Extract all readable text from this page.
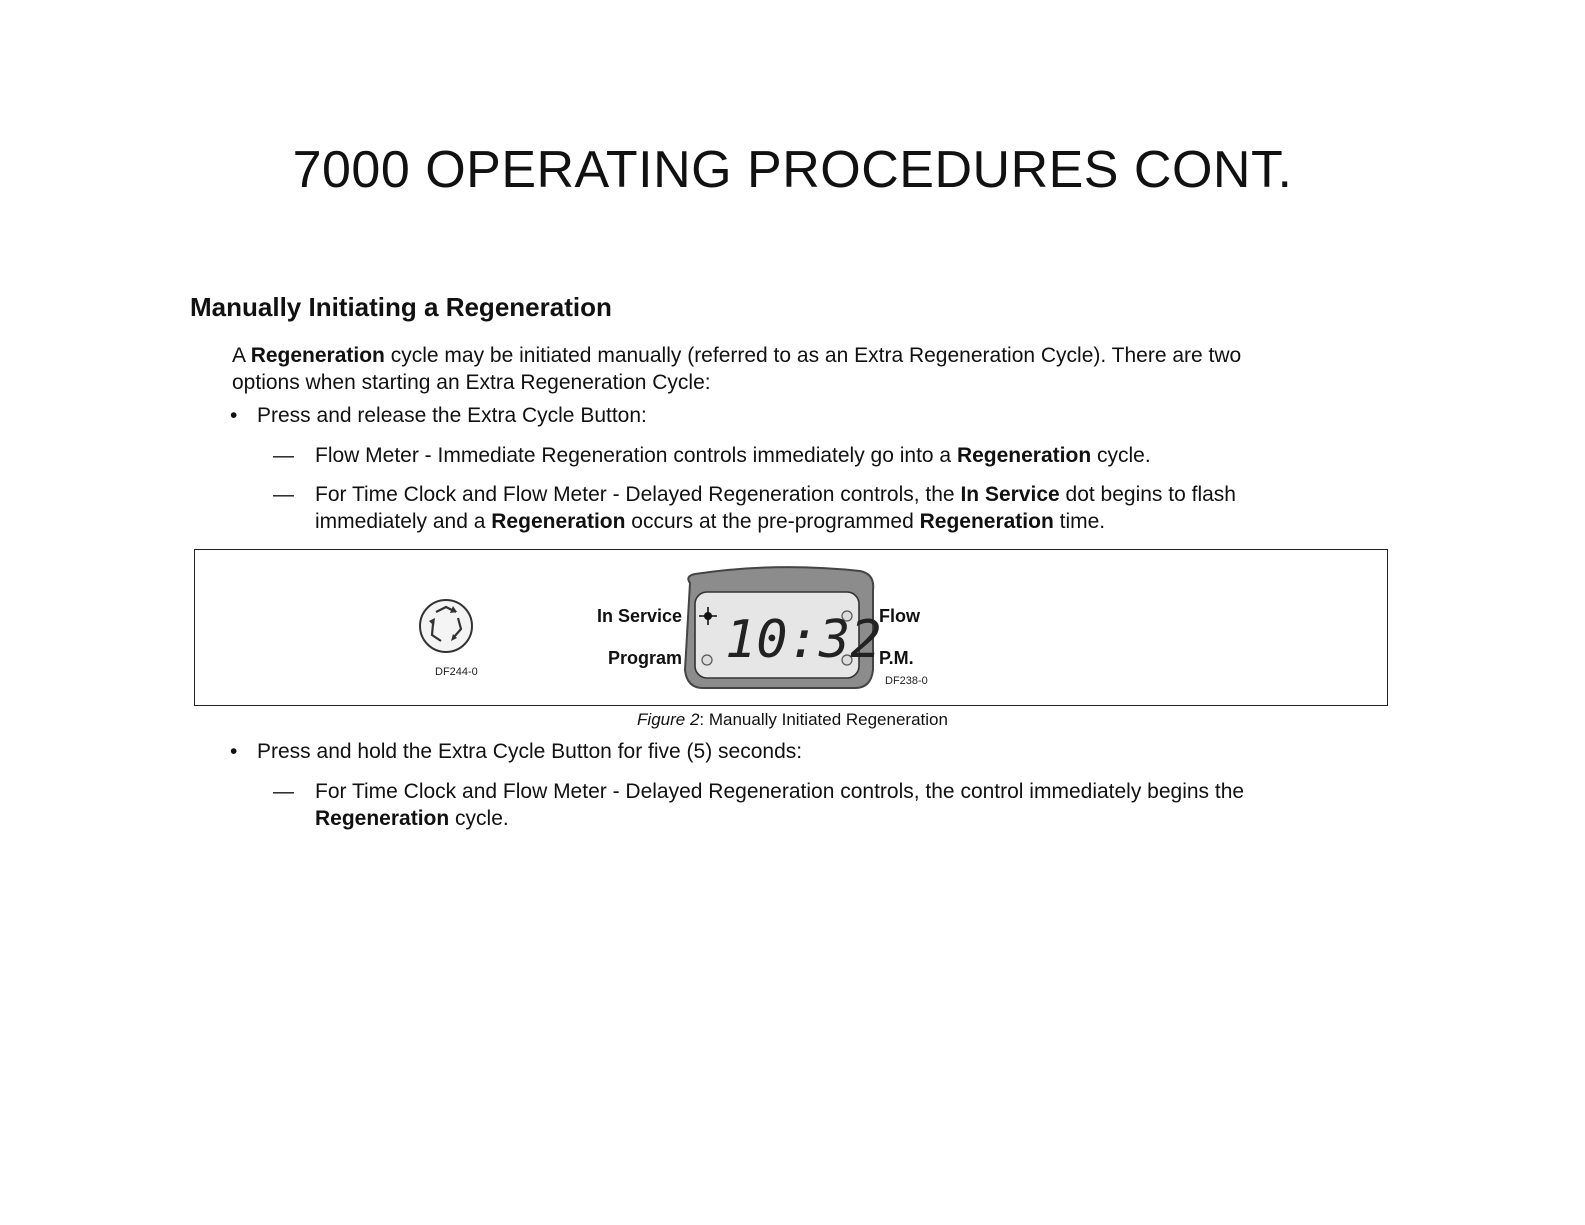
7000 OPERATING PROCEDURES CONT.
Manually Initiating a Regeneration
A Regeneration cycle may be initiated manually (referred to as an Extra Regeneration Cycle). There are two
options when starting an Extra Regeneration Cycle:
• Press and release the Extra Cycle Button:
— Flow Meter - Immediate Regeneration controls immediately go into a Regeneration cycle.
— For Time Clock and Flow Meter - Delayed Regeneration controls, the In Service dot begins to flash
immediately and a Regeneration occurs at the pre-programmed Regeneration time.
DF244-0
In Service
Program
Flow
P.M.
DF238-0
10:32
Figure 2: Manually Initiated Regeneration
• Press and hold the Extra Cycle Button for five (5) seconds:
— For Time Clock and Flow Meter - Delayed Regeneration controls, the control immediately begins the
Regeneration cycle.
